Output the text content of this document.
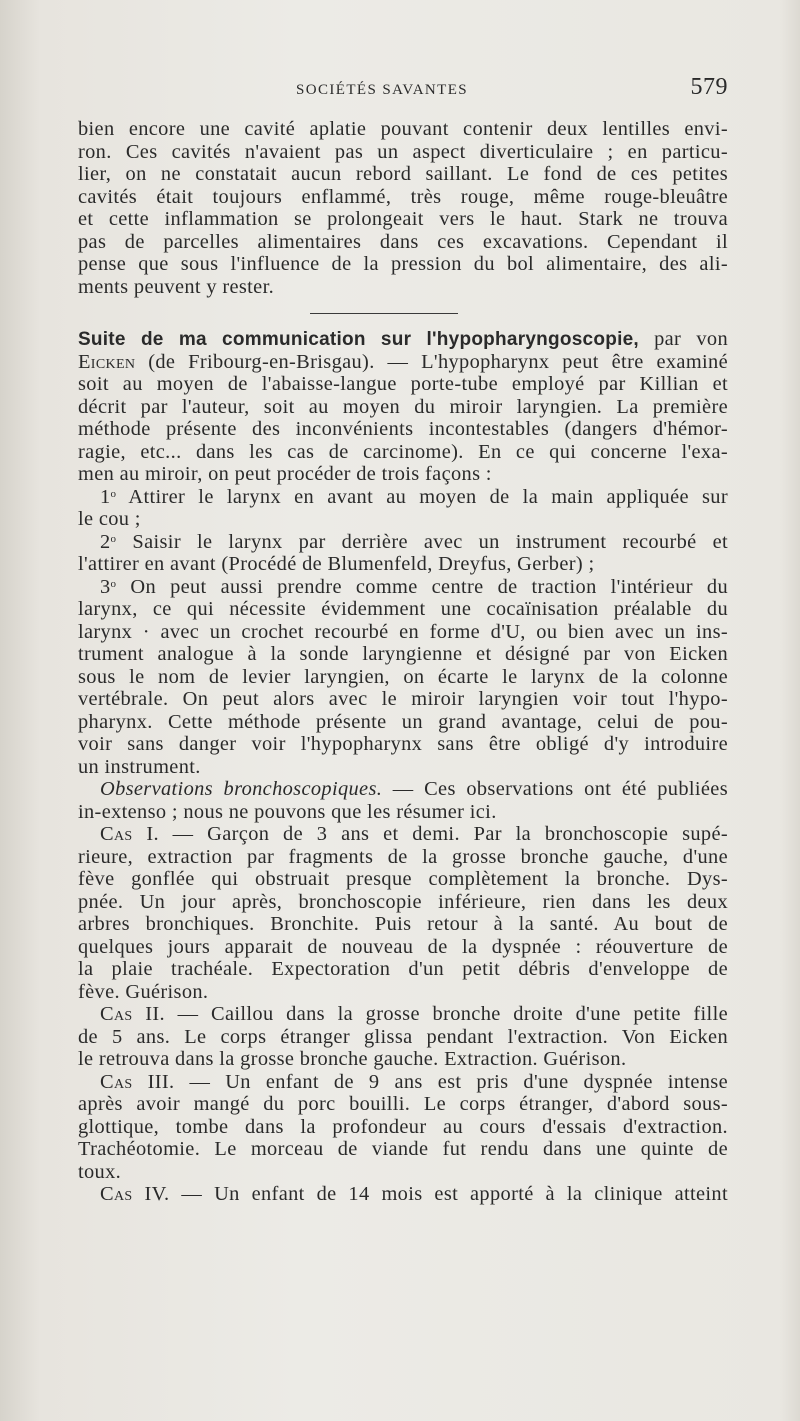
SOCIÉTÉS SAVANTES	579
bien encore une cavité aplatie pouvant contenir deux lentilles envi-
ron. Ces cavités n'avaient pas un aspect diverticulaire ; en particu-
lier, on ne constatait aucun rebord saillant. Le fond de ces petites
cavités était toujours enflammé, très rouge, même rouge-bleuâtre
et cette inflammation se prolongeait vers le haut. Stark ne trouva
pas de parcelles alimentaires dans ces excavations. Cependant il
pense que sous l'influence de la pression du bol alimentaire, des ali-
ments peuvent y rester.
Suite de ma communication sur l'hypopharyngoscopie, par von
Eicken (de Fribourg-en-Brisgau). — L'hypopharynx peut être examiné
soit au moyen de l'abaisse-langue porte-tube employé par Killian et
décrit par l'auteur, soit au moyen du miroir laryngien. La première
méthode présente des inconvénients incontestables (dangers d'hémor-
ragie, etc... dans les cas de carcinome). En ce qui concerne l'exa-
men au miroir, on peut procéder de trois façons :
1$^o$ Attirer le larynx en avant au moyen de la main appliquée sur
le cou ;
2$^o$ Saisir le larynx par derrière avec un instrument recourbé et
l'attirer en avant (Procédé de Blumenfeld, Dreyfus, Gerber) ;
3$^o$ On peut aussi prendre comme centre de traction l'intérieur du
larynx, ce qui nécessite évidemment une cocaïnisation préalable du
larynx · avec un crochet recourbé en forme d'U, ou bien avec un ins-
trument analogue à la sonde laryngienne et désigné par von Eicken
sous le nom de levier laryngien, on écarte le larynx de la colonne
vertébrale. On peut alors avec le miroir laryngien voir tout l'hypo-
pharynx. Cette méthode présente un grand avantage, celui de pou-
voir sans danger voir l'hypopharynx sans être obligé d'y introduire
un instrument.
Observations bronchoscopiques. — Ces observations ont été publiées
in-extenso ; nous ne pouvons que les résumer ici.
Cas I. — Garçon de 3 ans et demi. Par la bronchoscopie supé-
rieure, extraction par fragments de la grosse bronche gauche, d'une
fève gonflée qui obstruait presque complètement la bronche. Dys-
pnée. Un jour après, bronchoscopie inférieure, rien dans les deux
arbres bronchiques. Bronchite. Puis retour à la santé. Au bout de
quelques jours apparait de nouveau de la dyspnée : réouverture de
la plaie trachéale. Expectoration d'un petit débris d'enveloppe de
fève. Guérison.
Cas II. — Caillou dans la grosse bronche droite d'une petite fille
de 5 ans. Le corps étranger glissa pendant l'extraction. Von Eicken
le retrouva dans la grosse bronche gauche. Extraction. Guérison.
Cas III. — Un enfant de 9 ans est pris d'une dyspnée intense
après avoir mangé du porc bouilli. Le corps étranger, d'abord sous-
glottique, tombe dans la profondeur au cours d'essais d'extraction.
Trachéotomie. Le morceau de viande fut rendu dans une quinte de
toux.
Cas IV. — Un enfant de 14 mois est apporté à la clinique atteint
